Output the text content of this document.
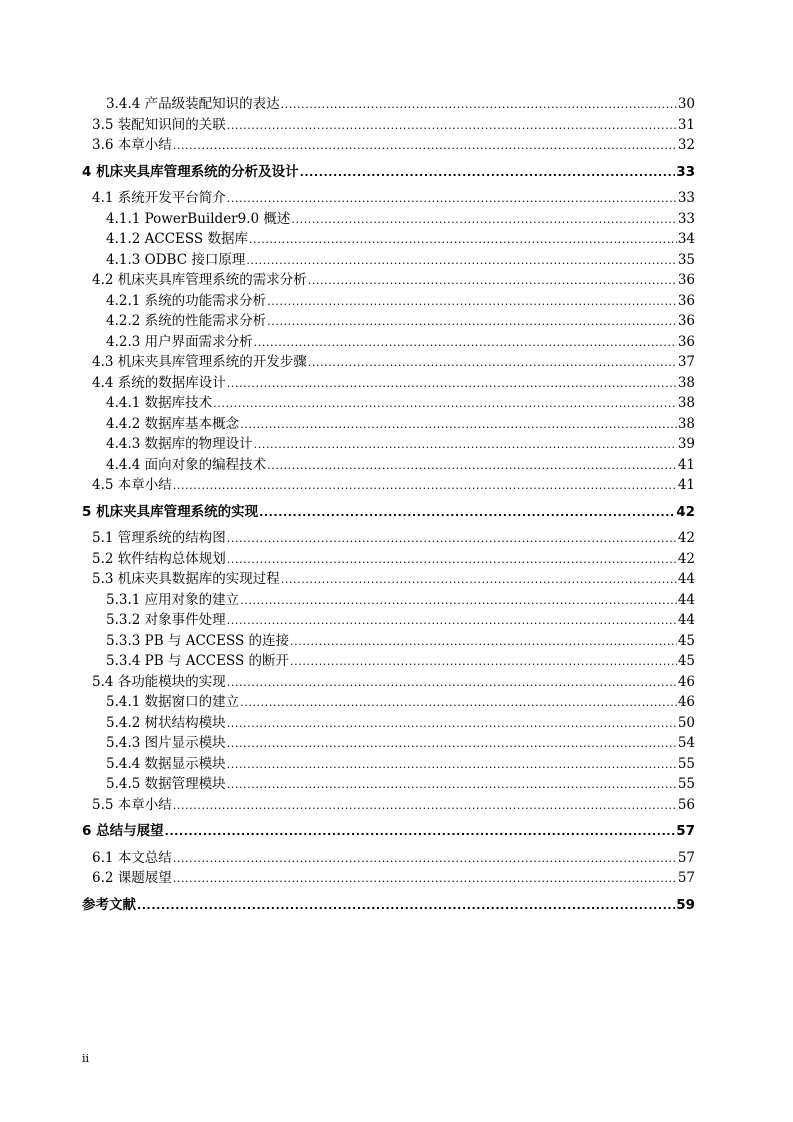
3.4.4 产品级装配知识的表达 .....	30
3.5 装配知识间的关联 .....	31
3.6 本章小结 .....	32
4 机床夹具库管理系统的分析及设计 .....	33
4.1 系统开发平台简介 .....	33
4.1.1 PowerBuilder9.0 概述 .....	33
4.1.2 ACCESS 数据库 .....	34
4.1.3 ODBC 接口原理 .....	35
4.2 机床夹具库管理系统的需求分析 .....	36
4.2.1 系统的功能需求分析 .....	36
4.2.2 系统的性能需求分析 .....	36
4.2.3 用户界面需求分析 .....	36
4.3 机床夹具库管理系统的开发步骤 .....	37
4.4 系统的数据库设计 .....	38
4.4.1 数据库技术 .....	38
4.4.2 数据库基本概念 .....	38
4.4.3 数据库的物理设计 .....	39
4.4.4 面向对象的编程技术 .....	41
4.5 本章小结 .....	41
5 机床夹具库管理系统的实现 .....	42
5.1 管理系统的结构图 .....	42
5.2 软件结构总体规划 .....	42
5.3 机床夹具数据库的实现过程 .....	44
5.3.1 应用对象的建立 .....	44
5.3.2 对象事件处理 .....	44
5.3.3 PB 与 ACCESS 的连接 .....	45
5.3.4 PB 与 ACCESS 的断开 .....	45
5.4 各功能模块的实现 .....	46
5.4.1 数据窗口的建立 .....	46
5.4.2 树状结构模块 .....	50
5.4.3 图片显示模块 .....	54
5.4.4 数据显示模块 .....	55
5.4.5 数据管理模块 .....	55
5.5 本章小结 .....	56
6 总结与展望 .....	57
6.1 本文总结 .....	57
6.2 课题展望 .....	57
参考文献 .....	59
ii
